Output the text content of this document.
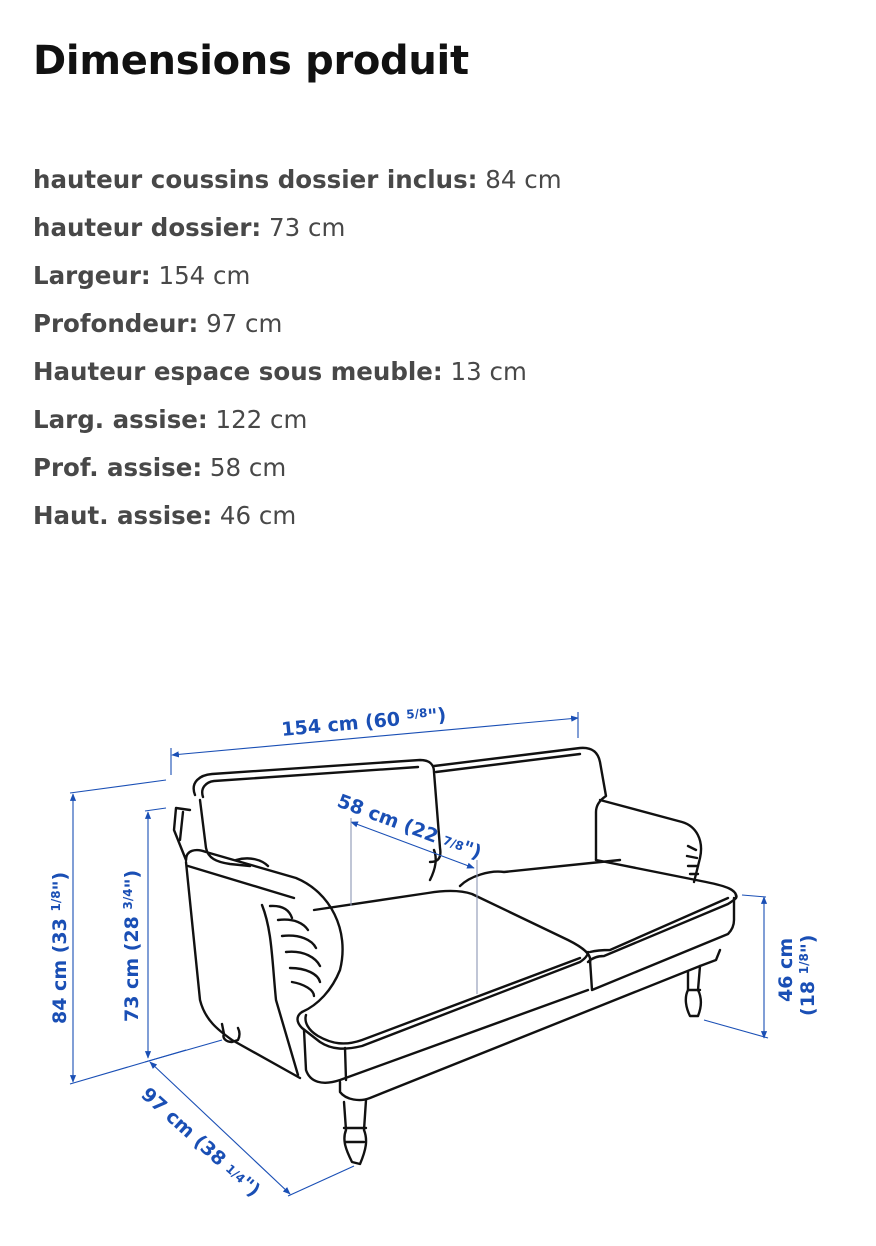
Dimensions produit
hauteur coussins dossier inclus: 84 cm
hauteur dossier: 73 cm
Largeur: 154 cm
Profondeur: 97 cm
Hauteur espace sous meuble: 13 cm
Larg. assise: 122 cm
Prof. assise: 58 cm
Haut. assise: 46 cm
154 cm (60 $^{5/8}$")
58 cm (22 7/8")
84 cm (33 $^{1/8}$")
73 cm (28 $^{3/4}$")
46 cm (18 $^{1/8}$")
97 cm (38 1/4")
